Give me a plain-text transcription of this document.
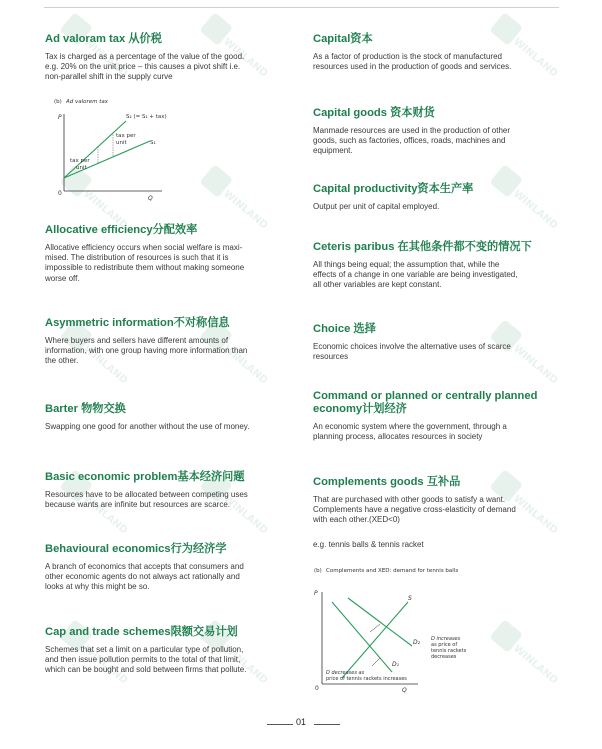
WINLAND	WINLAND	WINLAND
WINLAND	WINLAND
WINLAND
WINLAND	WINLAND	WINLAND
WINLAND	WINLAND	WINLAND
WINLAND	WINLAND	WINLAND

Ad valoram tax 从价税

Tax is charged as a percentage of the value of the good.
e.g. 20% on the unit price – this causes a pivot shift i.e.
non-parallel shift in the supply curve

(b) Ad valorem tax
P
0
Q
S₂ (= S₁ + tax)
S₁
tax per
unit
tax per
unit

Allocative efficiency分配效率

Allocative efficiency occurs when social welfare is maxi-
mised. The distribution of resources is such that it is
impossible to redistribute them without making someone
worse off.

Asymmetric information不对称信息

Where buyers and sellers have different amounts of
information, with one group having more information than
the other.

Barter 物物交换

Swapping one good for another without the use of money.

Basic economic problem基本经济问题

Resources have to be allocated between competing uses
because wants are infinite but resources are scarce.

Behavioural economics行为经济学

A branch of economics that accepts that consumers and
other economic agents do not always act rationally and
looks at why this might be so.

Cap and trade schemes限额交易计划

Schemes that set a limit on a particular type of pollution,
and then issue pollution permits to the total of that limit,
which can be bought and sold between firms that pollute.

Capital资本

As a factor of production is the stock of manufactured
resources used in the production of goods and services.

Capital goods 资本财货

Manmade resources are used in the production of other
goods, such as factories, offices, roads, machines and
equipment.

Capital productivity资本生产率

Output per unit of capital employed.

Ceteris paribus 在其他条件都不变的情况下

All things being equal; the assumption that, while the
effects of a change in one variable are being investigated,
all other variables are kept constant.

Choice 选择

Economic choices involve the alternative uses of scarce
resources

Command or planned or centrally planned economy计划经济

An economic system where the government, through a
planning process, allocates resources in society

Complements goods 互补品

That are purchased with other goods to satisfy a want.
Complements have a negative cross-elasticity of demand
with each other.(XED<0)

e.g. tennis balls & tennis racket

(b) Complements and XED: demand for tennis balls
P
0	Q
S
D₁
D₂ D increases
as price of
tennis rackets
decreases
D decreases as
price of tennis rackets increases
01
